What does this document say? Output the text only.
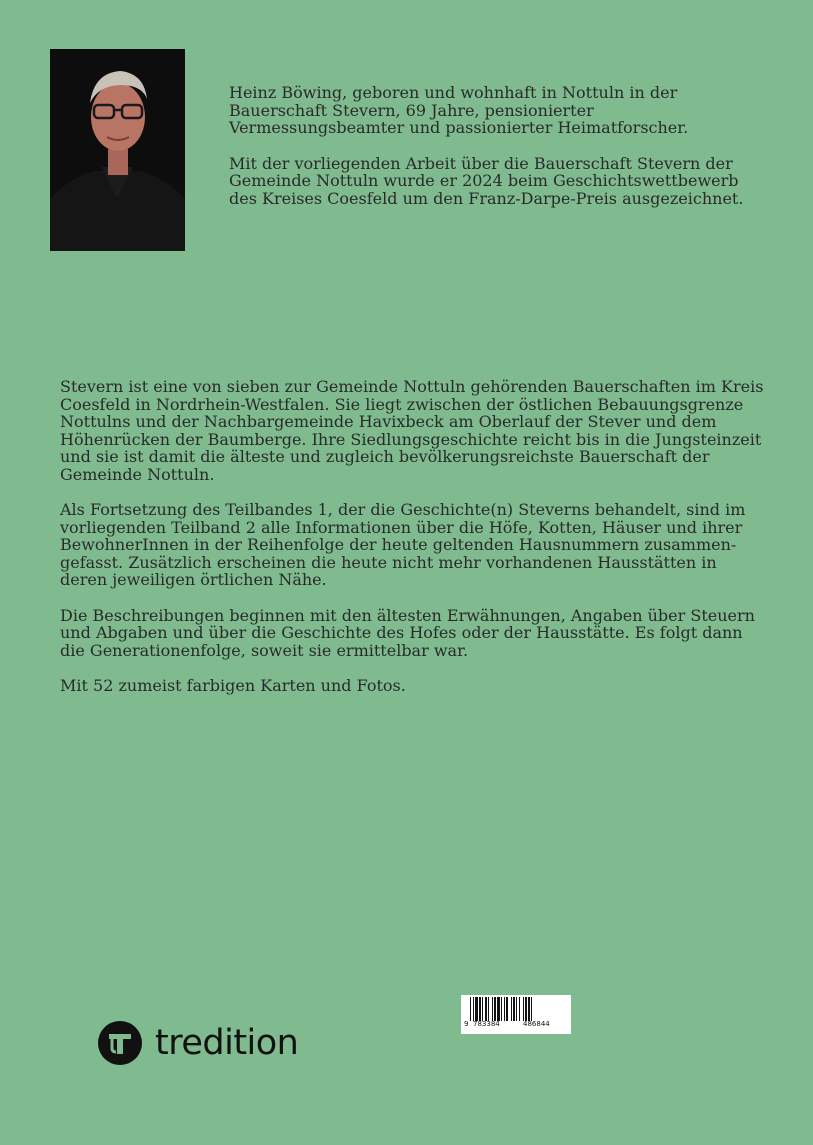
Heinz Böwing, geboren und wohnhaft in Nottuln in der Bauerschaft Stevern, 69 Jahre, pensionierter Vermessungsbeamter und passionierter Heimatforscher.

Mit der vorliegenden Arbeit über die Bauerschaft Stevern der Gemeinde Nottuln wurde er 2024 beim Geschichtswettbewerb des Kreises Coesfeld um den Franz-Darpe-Preis ausgezeichnet.

Stevern ist eine von sieben zur Gemeinde Nottuln gehörenden Bauerschaften im Kreis Coesfeld in Nordrhein-Westfalen. Sie liegt zwischen der östlichen Bebauungsgrenze Nottulns und der Nachbargemeinde Havixbeck am Oberlauf der Stever und dem Höhenrücken der Baumberge. Ihre Siedlungsgeschichte reicht bis in die Jungsteinzeit und sie ist damit die älteste und zugleich bevölkerungsreichste Bauerschaft der Gemeinde Nottuln.

Als Fortsetzung des Teilbandes 1, der die Geschichte(n) Steverns behandelt, sind im vorliegenden Teilband 2 alle Informationen über die Höfe, Kotten, Häuser und ihrer BewohnerInnen in der Reihenfolge der heute geltenden Hausnummern zusammen-gefasst. Zusätzlich erscheinen die heute nicht mehr vorhandenen Hausstätten in deren jeweiligen örtlichen Nähe.

Die Beschreibungen beginnen mit den ältesten Erwähnungen, Angaben über Steuern und Abgaben und über die Geschichte des Hofes oder der Hausstätte. Es folgt dann die Generationenfolge, soweit sie ermittelbar war.

Mit 52 zumeist farbigen Karten und Fotos.

9 783384	486844
tredition
